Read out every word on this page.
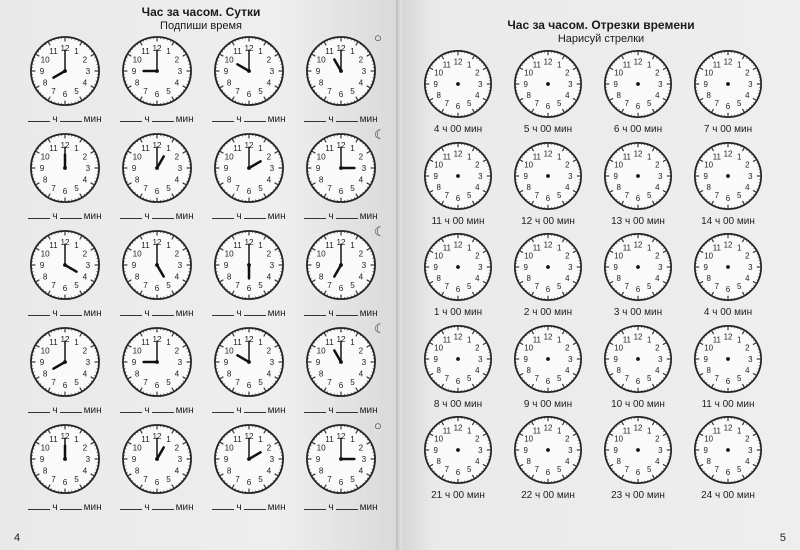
Час за часом. Сутки
Подпиши время
12 1
2
3
4
5
6
7
8
9
10
11
ч	мин
12 1
2
3
4
5
6
7
8
9
10
11
ч	мин
12 1
2
3
4
5
6
7
8
9
10
11
ч	мин
12 1
2
3
4
5
6
7
8
9
10
11
○
ч	мин
12 1
2
3
4
5
6
7
8
9
10
11
ч	мин
12 1
2
3
4
5
6
7
8
9
10
11
ч	мин
12 1
2
3
4
5
6
7
8
9
10
11
ч	мин
12 1
2
3
4
5
6
7
8
9
10
11
☾
ч	мин
12 1
2
3
4
5
6
7
8
9
10
11
ч	мин
12 1
2
3
4
5
6
7
8
9
10
11
ч	мин
12 1
2
3
4
5
6
7
8
9
10
11
ч	мин
12 1
2
3
4
5
6
7
8
9
10
11
☾
ч	мин
12 1
2
3
4
5
6
7
8
9
10
11
ч	мин
12 1
2
3
4
5
6
7
8
9
10
11
ч	мин
12 1
2
3
4
5
6
7
8
9
10
11
ч	мин
12 1
2
3
4
5
6
7
8
9
10
11
☾
ч	мин
12 1
2
3
4
5
6
7
8
9
10
11
ч	мин
12 1
2
3
4
5
6
7
8
9
10
11
ч	мин
12 1
2
3
4
5
6
7
8
9
10
11
ч	мин
12 1
2
3
4
5
6
7
8
9
10
11
○
ч	мин
4
Час за часом. Отрезки времени
Нарисуй стрелки
12 1
2
3
4
5
6
7
8
9
10
11
4 ч 00 мин
12 1
2
3
4
5
6
7
8
9
10
11
5 ч 00 мин
12 1
2
3
4
5
6
7
8
9
10
11
6 ч 00 мин
12 1
2
3
4
5
6
7
8
9
10
11
7 ч 00 мин
12 1
2
3
4
5
6
7
8
9
10
11
11 ч 00 мин
12 1
2
3
4
5
6
7
8
9
10
11
12 ч 00 мин
12 1
2
3
4
5
6
7
8
9
10
11
13 ч 00 мин
12 1
2
3
4
5
6
7
8
9
10
11
14 ч 00 мин
12 1
2
3
4
5
6
7
8
9
10
11
1 ч 00 мин
12 1
2
3
4
5
6
7
8
9
10
11
2 ч 00 мин
12 1
2
3
4
5
6
7
8
9
10
11
3 ч 00 мин
12 1
2
3
4
5
6
7
8
9
10
11
4 ч 00 мин
12 1
2
3
4
5
6
7
8
9
10
11
8 ч 00 мин
12 1
2
3
4
5
6
7
8
9
10
11
9 ч 00 мин
12 1
2
3
4
5
6
7
8
9
10
11
10 ч 00 мин
12 1
2
3
4
5
6
7
8
9
10
11
11 ч 00 мин
12 1
2
3
4
5
6
7
8
9
10
11
21 ч 00 мин
12 1
2
3
4
5
6
7
8
9
10
11
22 ч 00 мин
12 1
2
3
4
5
6
7
8
9
10
11
23 ч 00 мин
12 1
2
3
4
5
6
7
8
9
10
11
24 ч 00 мин
5
